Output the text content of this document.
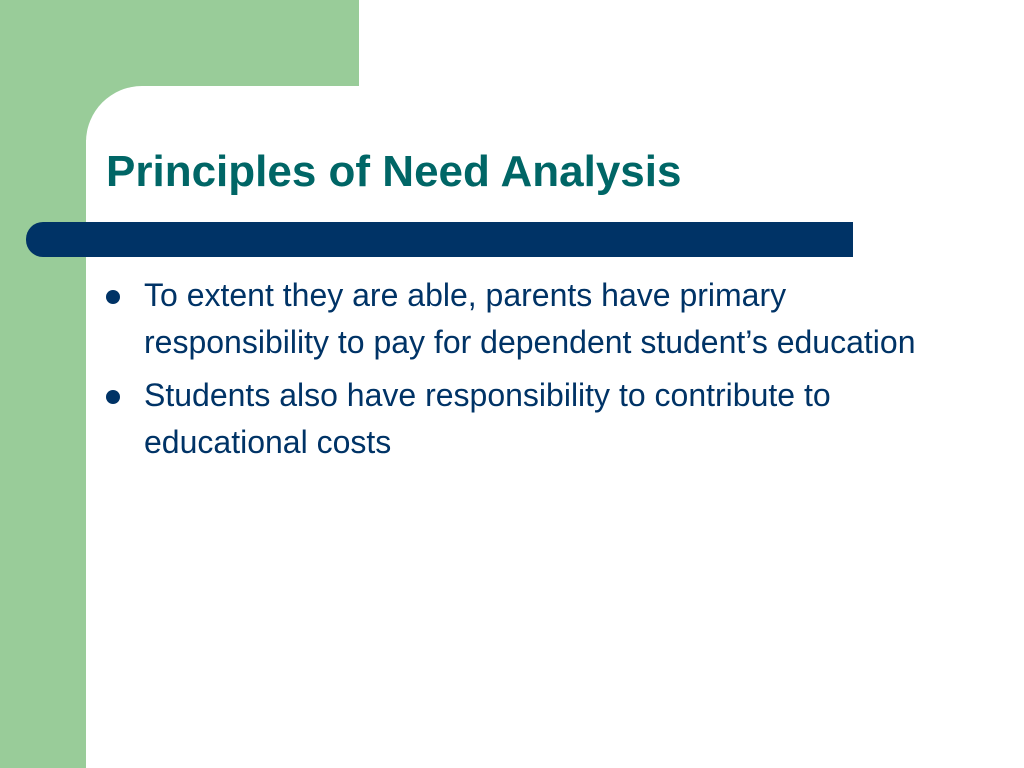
Principles of Need Analysis
To extent they are able, parents have primary responsibility to pay for dependent student’s education
Students also have responsibility to contribute to educational costs
